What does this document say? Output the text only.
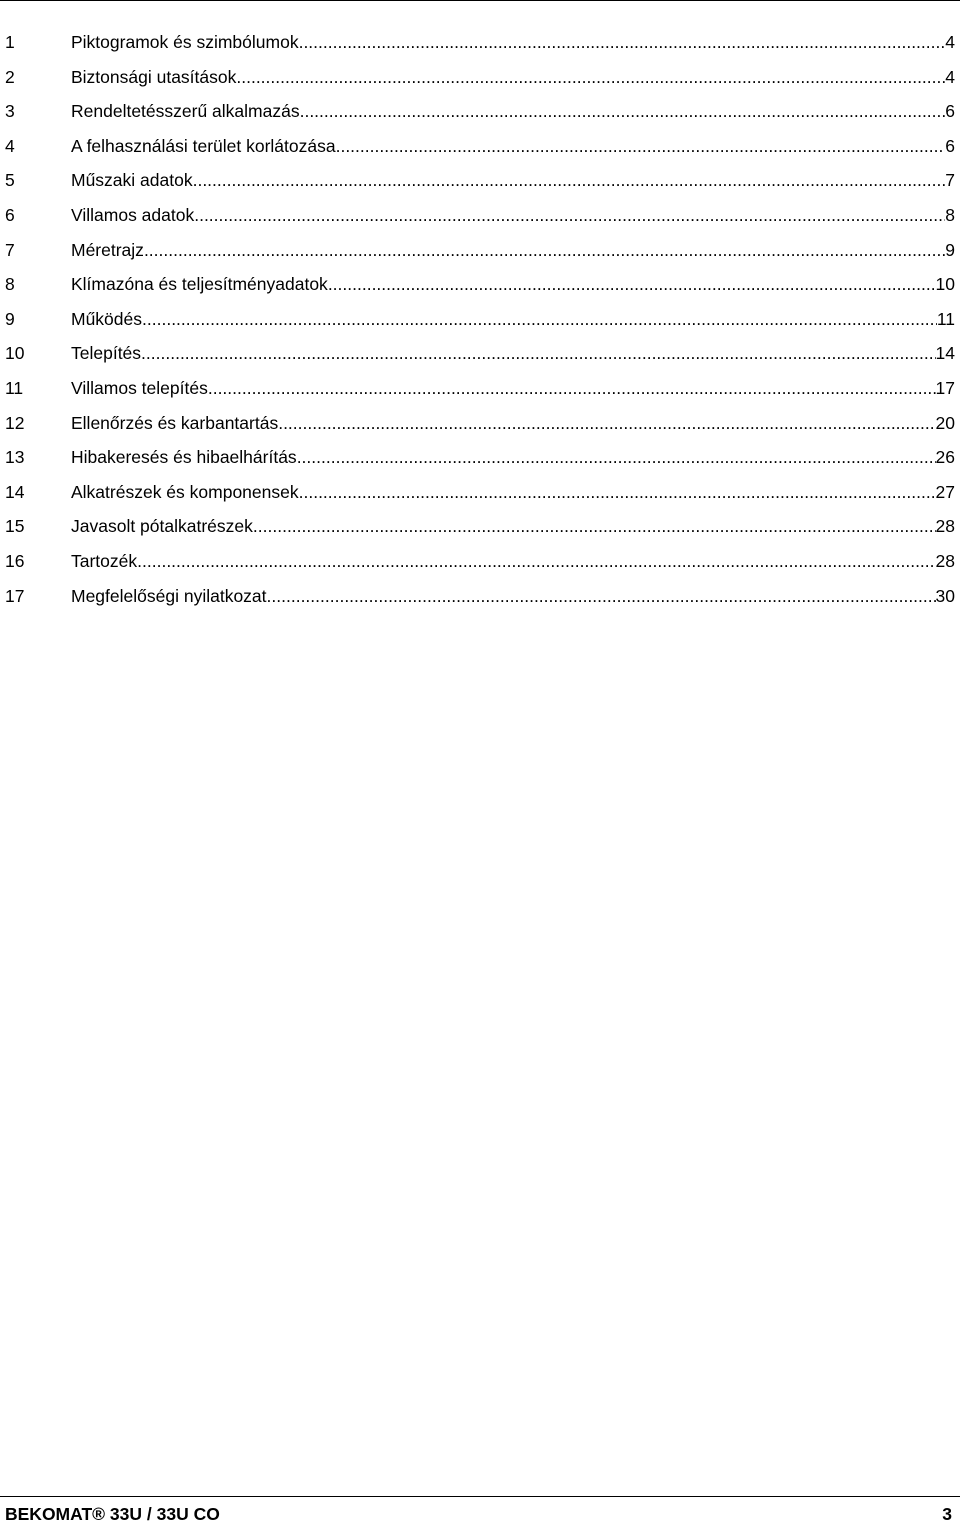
1	Piktogramok és szimbólumok .....	4
2	Biztonsági utasítások .....	4
3	Rendeltetésszerű alkalmazás .....	6
4	A felhasználási terület korlátozása .....	6
5	Műszaki adatok .....	7
6	Villamos adatok .....	8
7	Méretrajz .....	9
8	Klímazóna és teljesítményadatok .....	10
9	Működés .....	11
10	Telepítés .....	14
11	Villamos telepítés .....	17
12	Ellenőrzés és karbantartás .....	20
13	Hibakeresés és hibaelhárítás .....	26
14	Alkatrészek és komponensek .....	27
15	Javasolt pótalkatrészek .....	28
16	Tartozék .....	28
17	Megfelelőségi nyilatkozat .....	30
BEKOMAT® 33U / 33U CO	3
